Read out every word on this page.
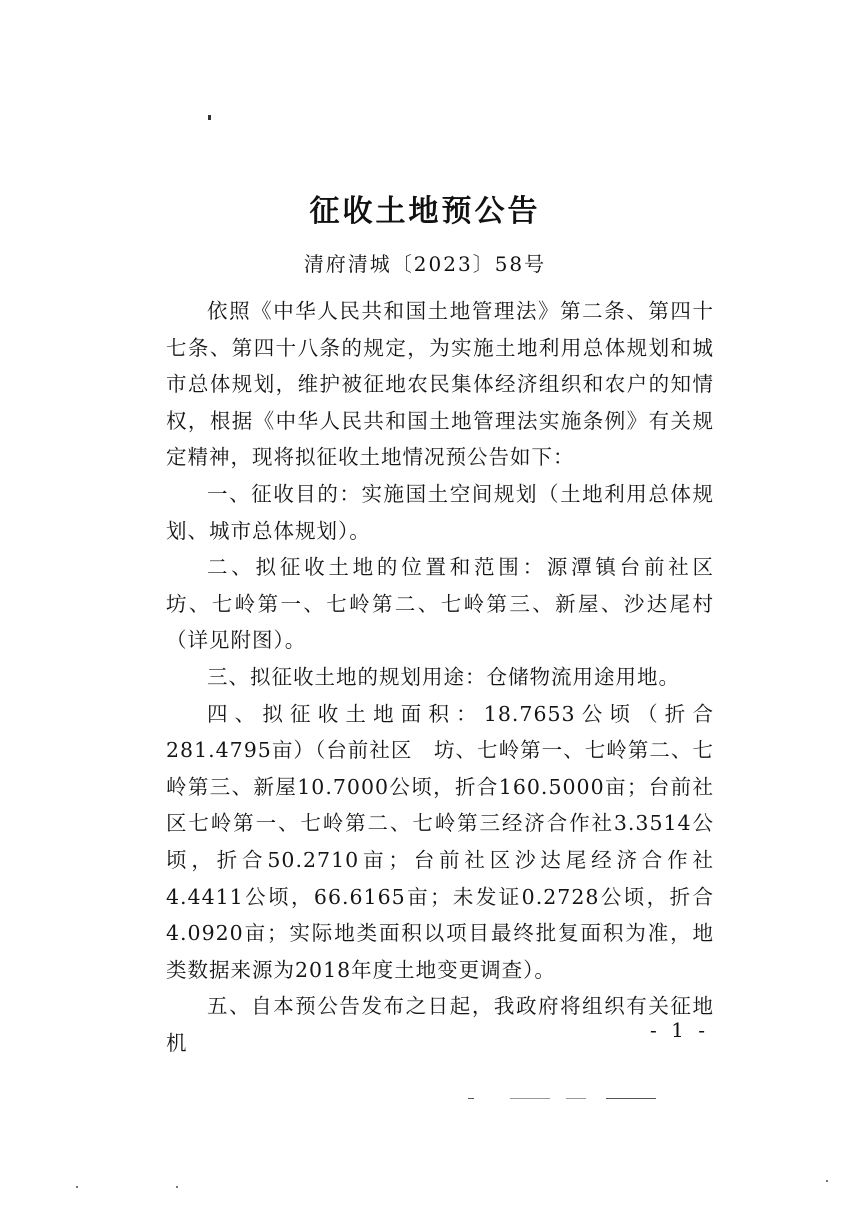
征收土地预公告
清府清城〔2023〕58号

依照《中华人民共和国土地管理法》第二条、第四十七条、第四十八条的规定，为实施土地利用总体规划和城市总体规划，维护被征地农民集体经济组织和农户的知情权，根据《中华人民共和国土地管理法实施条例》有关规定精神，现将拟征收土地情况预公告如下：

一、征收目的：实施国土空间规划（土地利用总体规划、城市总体规划）。

二、拟征收土地的位置和范围：源潭镇台前社区　坊、七岭第一、七岭第二、七岭第三、新屋、沙达尾村（详见附图）。

三、拟征收土地的规划用途：仓储物流用途用地。

四、拟征收土地面积：18.7653公顷（折合281.4795亩）（台前社区　坊、七岭第一、七岭第二、七岭第三、新屋10.7000公顷，折合160.5000亩；台前社区七岭第一、七岭第二、七岭第三经济合作社3.3514公顷，折合50.2710亩；台前社区沙达尾经济合作社4.4411公顷，66.6165亩；未发证0.2728公顷，折合4.0920亩；实际地类面积以项目最终批复面积为准，地类数据来源为2018年度土地变更调查）。

五、自本预公告发布之日起，我政府将组织有关征地机

- 1 -
